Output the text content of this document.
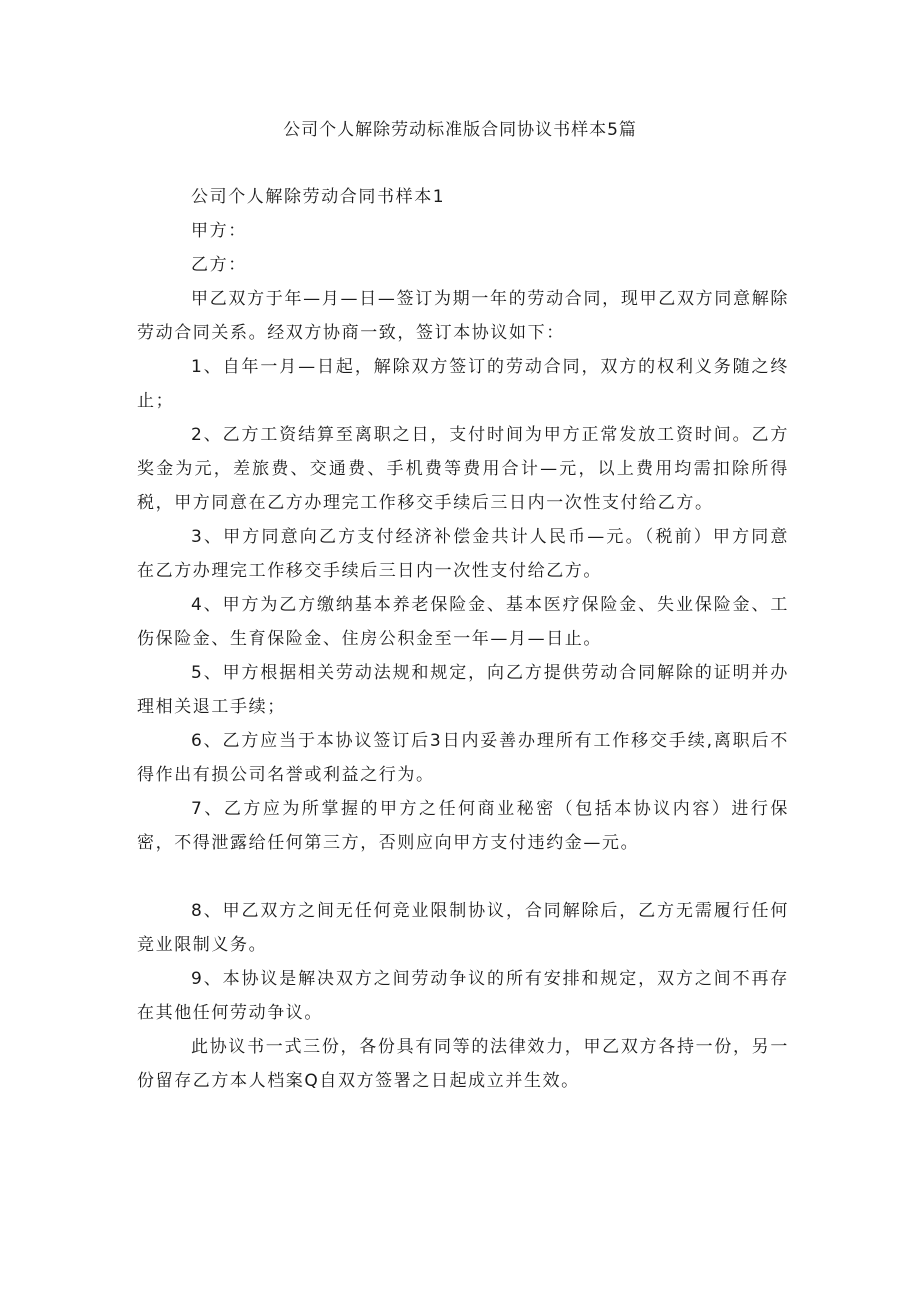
公司个人解除劳动标准版合同协议书样本5篇

公司个人解除劳动合同书样本1

甲方：

乙方：

甲乙双方于年—月—日—签订为期一年的劳动合同，现甲乙双方同意解除劳动合同关系。经双方协商一致，签订本协议如下：

1、自年一月—日起，解除双方签订的劳动合同，双方的权利义务随之终止；

2、乙方工资结算至离职之日，支付时间为甲方正常发放工资时间。乙方奖金为元，差旅费、交通费、手机费等费用合计—元，以上费用均需扣除所得税，甲方同意在乙方办理完工作移交手续后三日内一次性支付给乙方。

3、甲方同意向乙方支付经济补偿金共计人民币—元。（税前）甲方同意在乙方办理完工作移交手续后三日内一次性支付给乙方。

4、甲方为乙方缴纳基本养老保险金、基本医疗保险金、失业保险金、工伤保险金、生育保险金、住房公积金至一年—月—日止。

5、甲方根据相关劳动法规和规定，向乙方提供劳动合同解除的证明并办理相关退工手续；

6、乙方应当于本协议签订后3日内妥善办理所有工作移交手续,离职后不得作出有损公司名誉或利益之行为。

7、乙方应为所掌握的甲方之任何商业秘密（包括本协议内容）进行保密，不得泄露给任何第三方，否则应向甲方支付违约金—元。

8、甲乙双方之间无任何竞业限制协议，合同解除后，乙方无需履行任何竞业限制义务。

9、本协议是解决双方之间劳动争议的所有安排和规定，双方之间不再存在其他任何劳动争议。

此协议书一式三份，各份具有同等的法律效力，甲乙双方各持一份，另一份留存乙方本人档案Q自双方签署之日起成立并生效。
